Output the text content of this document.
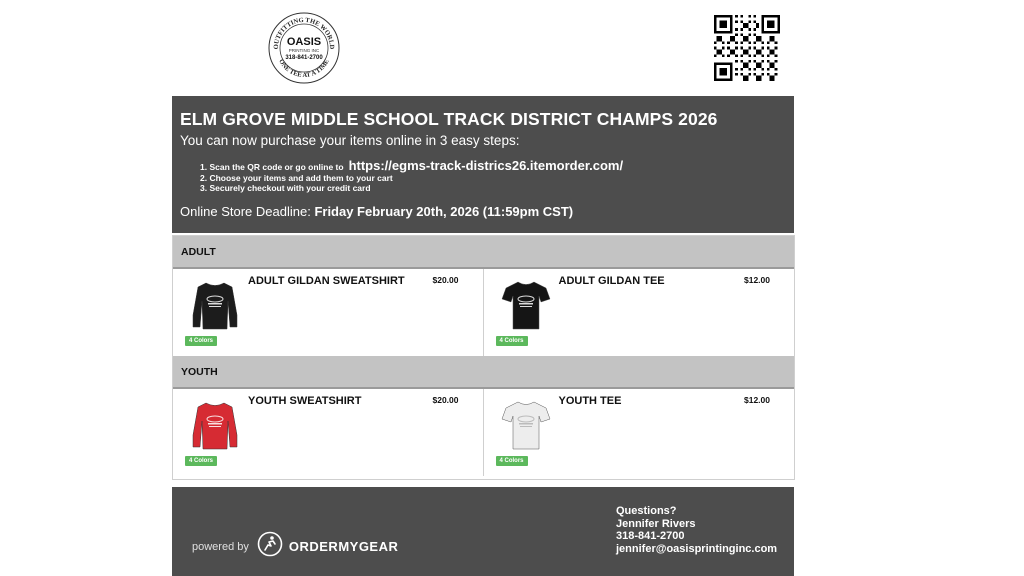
OUTFITTING THE WORLD
ONE TEE AT A TIME
OASIS
PRINTING INC
318-841-2700
ELM GROVE MIDDLE SCHOOL TRACK DISTRICT CHAMPS 2026
You can now purchase your items online in 3 easy steps:
1. Scan the QR code or go online to https://egms-track-districs26.itemorder.com/
2. Choose your items and add them to your cart
3. Securely checkout with your credit card
Online Store Deadline: Friday February 20th, 2026 (11:59pm CST)
ADULT
ADULT GILDAN SWEATSHIRT	$20.00
4 Colors
ADULT GILDAN TEE	$12.00
4 Colors
YOUTH
YOUTH SWEATSHIRT	$20.00
4 Colors
YOUTH TEE	$12.00
4 Colors
powered by	ORDERMYGEAR
Questions?
Jennifer Rivers
318-841-2700
jennifer@oasisprintinginc.com
